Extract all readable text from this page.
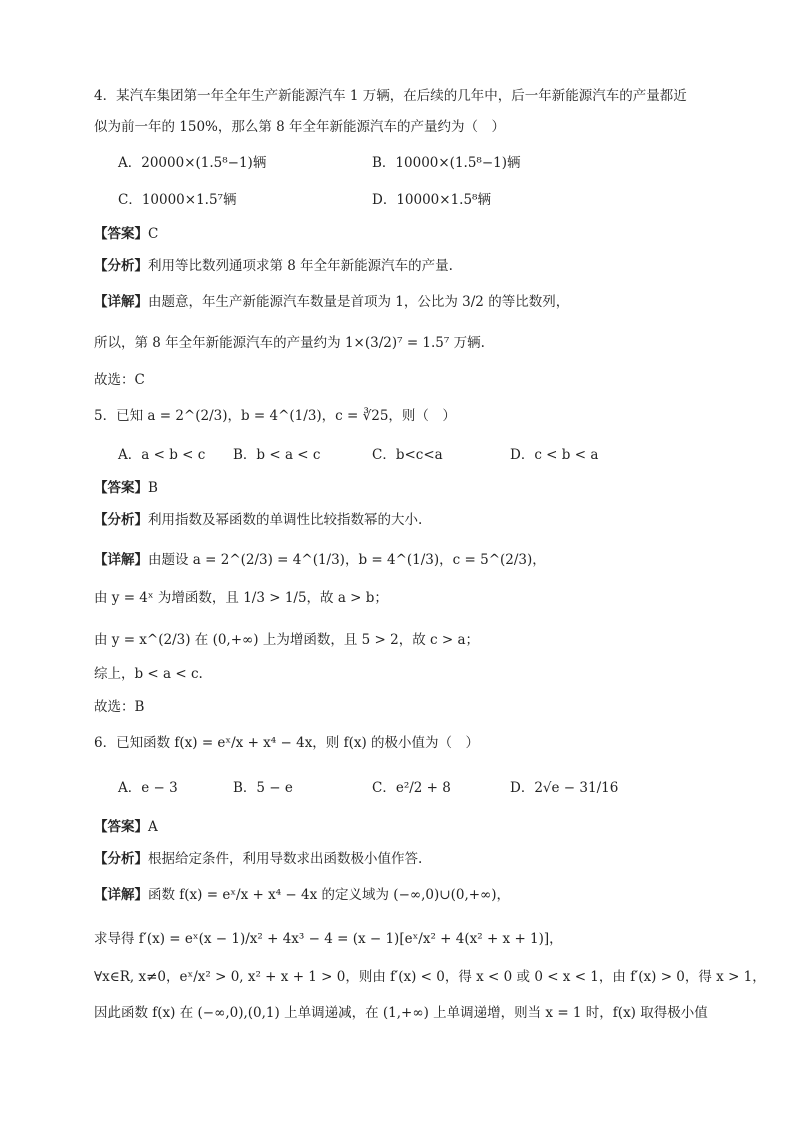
4．某汽车集团第一年全年生产新能源汽车 1 万辆，在后续的几年中，后一年新能源汽车的产量都近
似为前一年的 150%，那么第 8 年全年新能源汽车的产量约为（　）
A．20000×(1.5⁸−1)辆	B．10000×(1.5⁸−1)辆
C．10000×1.5⁷辆	D．10000×1.5⁸辆
【答案】C
【分析】利用等比数列通项求第 8 年全年新能源汽车的产量.
【详解】由题意，年生产新能源汽车数量是首项为 1，公比为 3/2 的等比数列，
所以，第 8 年全年新能源汽车的产量约为 1×(3/2)⁷ = 1.5⁷ 万辆.
故选：C
5．已知 a = 2^(2/3)，b = 4^(1/3)，c = ∛25，则（　）
A．a < b < c B．b < a < c	C．b<c<a	D．c < b < a
【答案】B
【分析】利用指数及幂函数的单调性比较指数幂的大小.
【详解】由题设 a = 2^(2/3) = 4^(1/3)，b = 4^(1/3)，c = 5^(2/3)，
由 y = 4ˣ 为增函数，且 1/3 > 1/5，故 a > b；
由 y = x^(2/3) 在 (0,+∞) 上为增函数，且 5 > 2，故 c > a；
综上，b < a < c.
故选：B
6．已知函数 f(x) = eˣ/x + x⁴ − 4x，则 f(x) 的极小值为（　）
A．e − 3	B．5 − e	C．e²/2 + 8	D．2√e − 31/16
【答案】A
【分析】根据给定条件，利用导数求出函数极小值作答.
【详解】函数 f(x) = eˣ/x + x⁴ − 4x 的定义域为 (−∞,0)∪(0,+∞)，
求导得 f′(x) = eˣ(x − 1)/x² + 4x³ − 4 = (x − 1)[eˣ/x² + 4(x² + x + 1)]，
∀x∈R, x≠0，eˣ/x² > 0, x² + x + 1 > 0，则由 f′(x) < 0，得 x < 0 或 0 < x < 1，由 f′(x) > 0，得 x > 1，
因此函数 f(x) 在 (−∞,0),(0,1) 上单调递减，在 (1,+∞) 上单调递增，则当 x = 1 时，f(x) 取得极小值
